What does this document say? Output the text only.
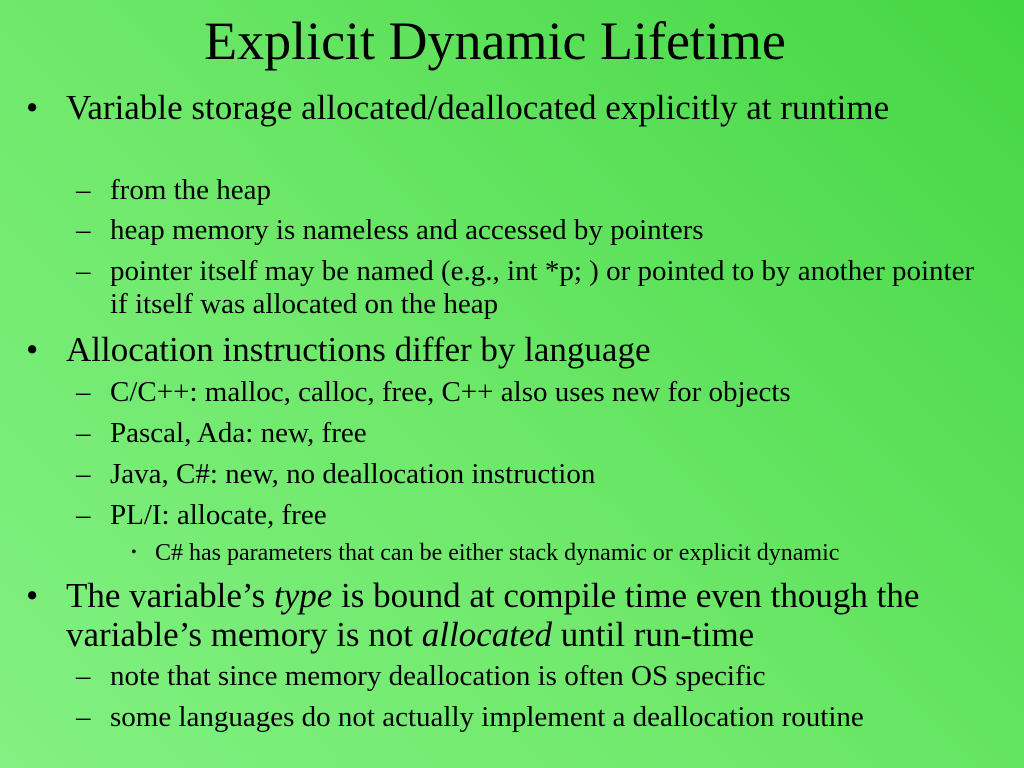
Explicit Dynamic Lifetime

• Variable storage allocated/deallocated explicitly at runtime

– from the heap

– heap memory is nameless and accessed by pointers

– pointer itself may be named (e.g., int *p; ) or pointed to by another pointer if itself was allocated on the heap

• Allocation instructions differ by language

– C/C++: malloc, calloc, free, C++ also uses new for objects

– Pascal, Ada: new, free

– Java, C#: new, no deallocation instruction

– PL/I: allocate, free

• C# has parameters that can be either stack dynamic or explicit dynamic

• The variable’s type is bound at compile time even though the variable’s memory is not allocated until run-time

– note that since memory deallocation is often OS specific

– some languages do not actually implement a deallocation routine
